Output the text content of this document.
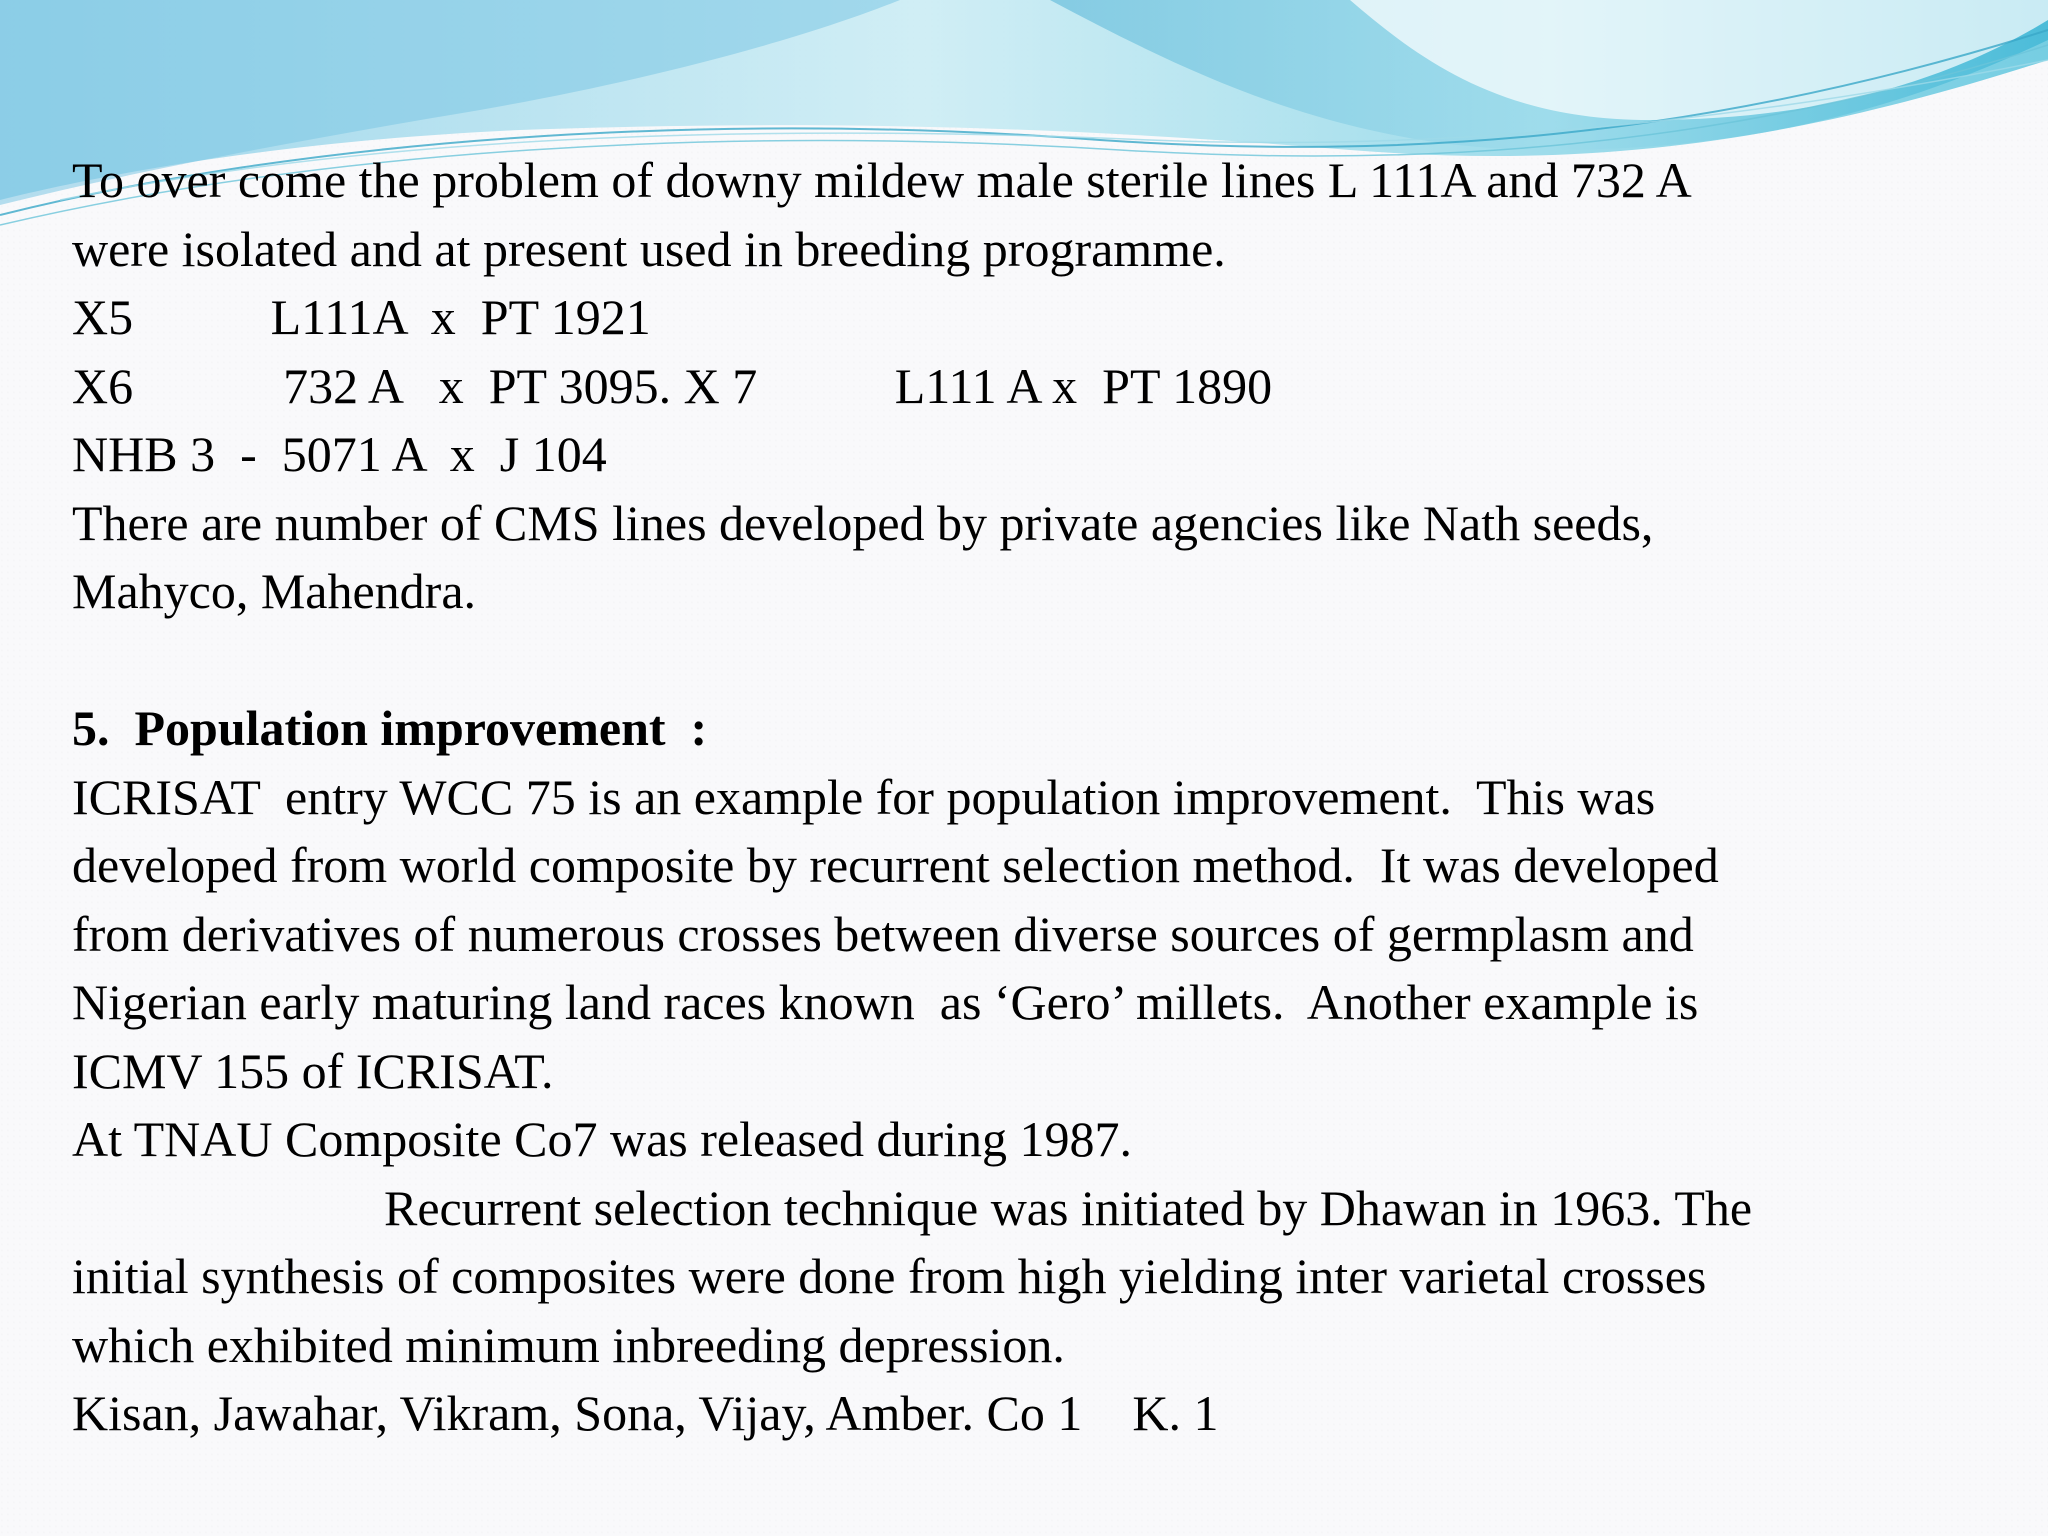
To over come the problem of downy mildew male sterile lines L 111A and 732 A
were isolated and at present used in breeding programme.
X5           L111A  x  PT 1921
X6            732 A   x  PT 3095. X 7           L111 A x  PT 1890
NHB 3  -  5071 A  x  J 104
There are number of CMS lines developed by private agencies like Nath seeds,
Mahyco, Mahendra.
5.  Population improvement  :
ICRISAT  entry WCC 75 is an example for population improvement.  This was
developed from world composite by recurrent selection method.  It was developed
from derivatives of numerous crosses between diverse sources of germplasm and
Nigerian early maturing land races known  as ‘Gero’ millets.  Another example is
ICMV 155 of ICRISAT.
At TNAU Composite Co7 was released during 1987.
Recurrent selection technique was initiated by Dhawan in 1963. The
initial synthesis of composites were done from high yielding inter varietal crosses
which exhibited minimum inbreeding depression.
Kisan, Jawahar, Vikram, Sona, Vijay, Amber. Co 1    K. 1
